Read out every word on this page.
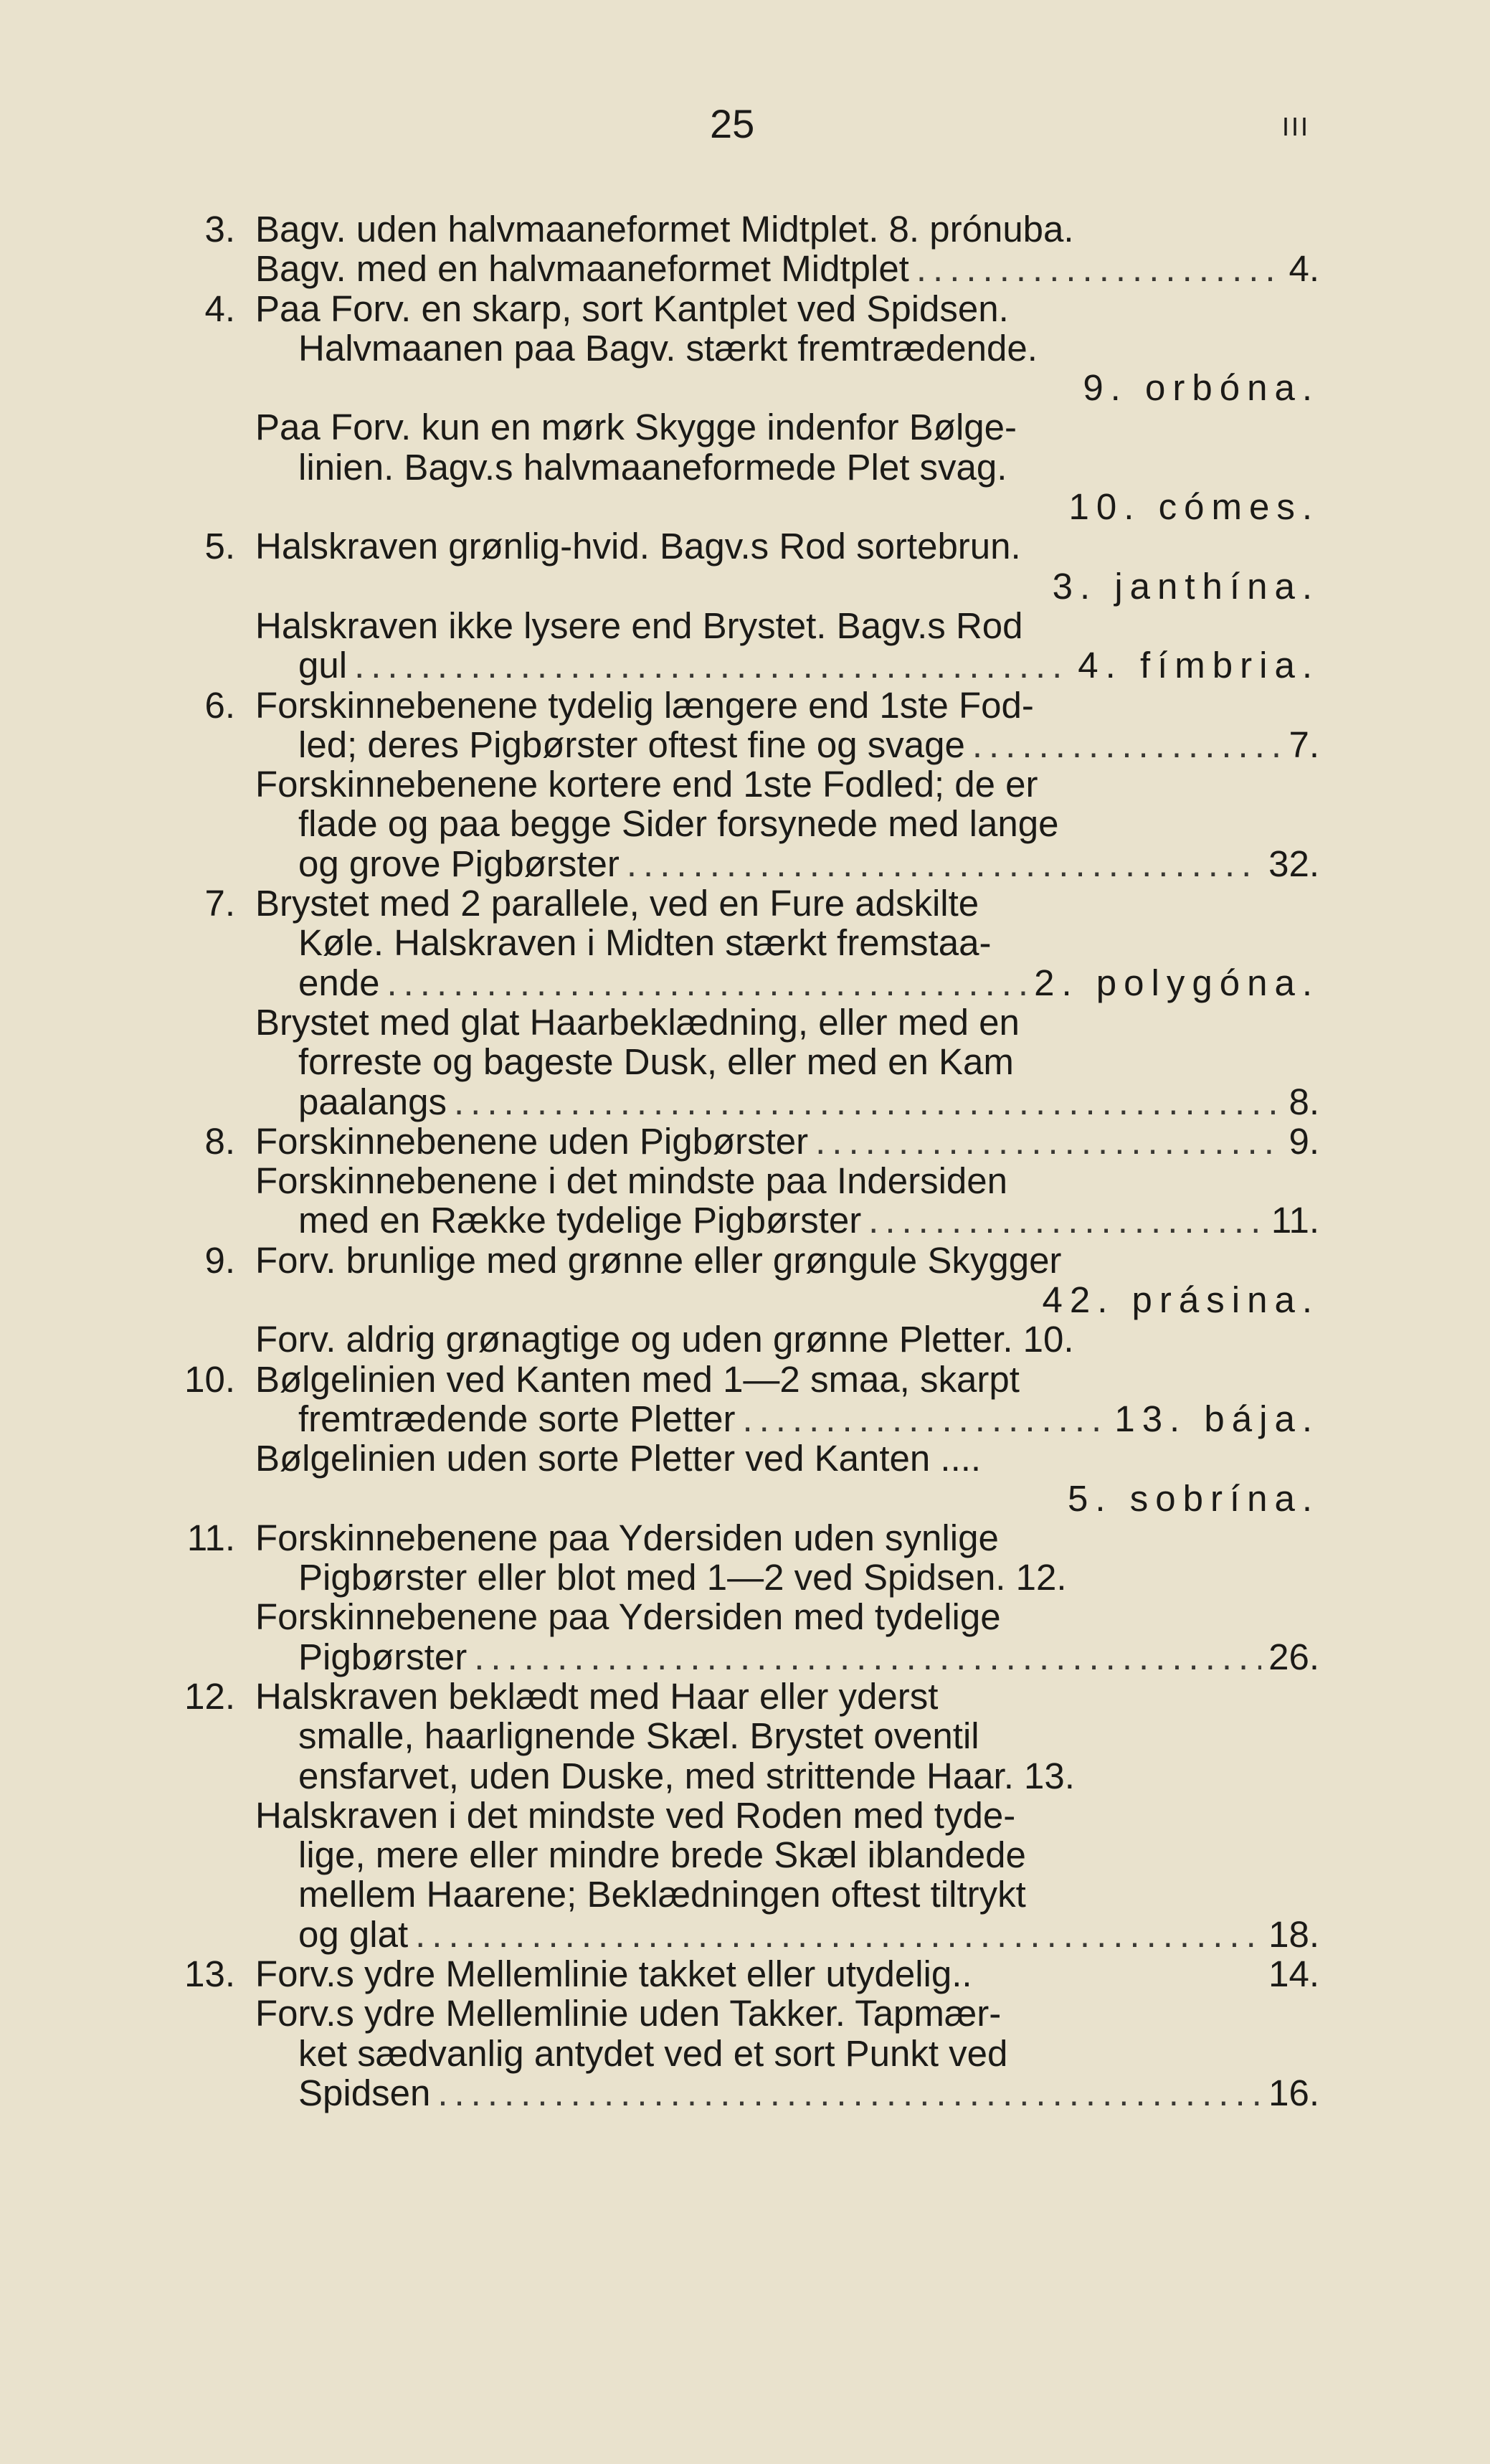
25	III
3. Bagv. uden halvmaaneformet Midtplet. 8. prónuba.
Bagv. med en halvmaaneformet Midtplet .....	4.
4. Paa Forv. en skarp, sort Kantplet ved Spidsen.
Halvmaanen paa Bagv. stærkt fremtrædende.
9. orbóna.
Paa Forv. kun en mørk Skygge indenfor Bølge-
linien. Bagv.s halvmaaneformede Plet svag.
10. cómes.
5. Halskraven grønlig-hvid. Bagv.s Rod sortebrun.
3. janthína.
Halskraven ikke lysere end Brystet. Bagv.s Rod
gul .....	4. fímbria.
6. Forskinnebenene tydelig længere end 1ste Fod-
led; deres Pigbørster oftest fine og svage .....	7.
Forskinnebenene kortere end 1ste Fodled; de er
flade og paa begge Sider forsynede med lange
og grove Pigbørster .....	32.
7. Brystet med 2 parallele, ved en Fure adskilte
Køle. Halskraven i Midten stærkt fremstaa-
ende .....	2. polygóna.
Brystet med glat Haarbeklædning, eller med en
forreste og bageste Dusk, eller med en Kam
paalangs .....	8.
8. Forskinnebenene uden Pigbørster .....	9.
Forskinnebenene i det mindste paa Indersiden
med en Række tydelige Pigbørster .....	11.
9. Forv. brunlige med grønne eller grøngule Skygger
42. prásina.
Forv. aldrig grønagtige og uden grønne Pletter. 10.
10. Bølgelinien ved Kanten med 1—2 smaa, skarpt
fremtrædende sorte Pletter .....	13. bája.
Bølgelinien uden sorte Pletter ved Kanten ....
5. sobrína.
11. Forskinnebenene paa Ydersiden uden synlige
Pigbørster eller blot med 1—2 ved Spidsen. 12.
Forskinnebenene paa Ydersiden med tydelige
Pigbørster .....	26.
12. Halskraven beklædt med Haar eller yderst
smalle, haarlignende Skæl. Brystet oventil
ensfarvet, uden Duske, med strittende Haar. 13.
Halskraven i det mindste ved Roden med tyde-
lige, mere eller mindre brede Skæl iblandede
mellem Haarene; Beklædningen oftest tiltrykt
og glat .....	18.
13. Forv.s ydre Mellemlinie takket eller utydelig..	14.
Forv.s ydre Mellemlinie uden Takker. Tapmær-
ket sædvanlig antydet ved et sort Punkt ved
Spidsen .....	16.
